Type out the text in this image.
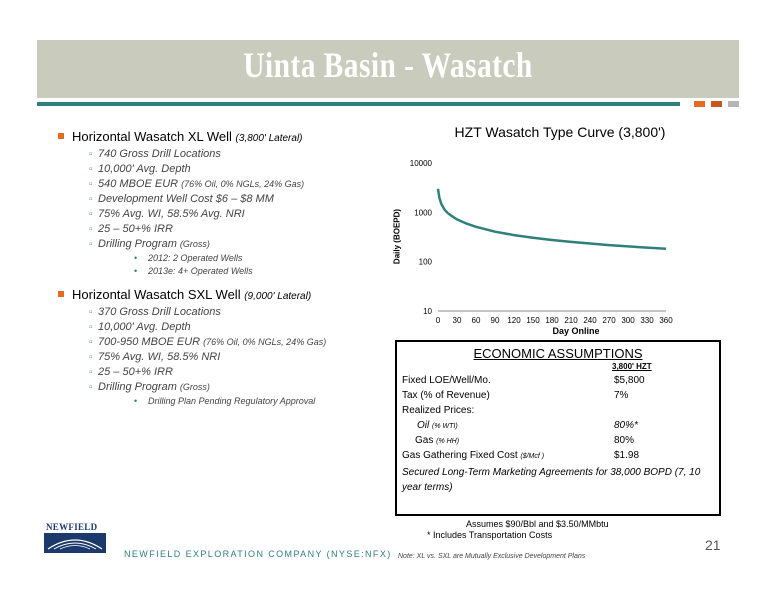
Uinta Basin - Wasatch
Horizontal Wasatch XL Well (3,800' Lateral)
▫ 740 Gross Drill Locations
▫ 10,000' Avg. Depth
▫ 540 MBOE EUR (76% Oil, 0% NGLs, 24% Gas)
▫ Development Well Cost $6 – $8 MM
▫ 75% Avg. WI, 58.5% Avg. NRI
▫ 25 – 50+% IRR
▫ Drilling Program (Gross)
• 2012: 2 Operated Wells
• 2013e: 4+ Operated Wells
Horizontal Wasatch SXL Well (9,000' Lateral)
▫ 370 Gross Drill Locations
▫ 10,000' Avg. Depth
▫ 700-950 MBOE EUR (76% Oil, 0% NGLs, 24% Gas)
▫ 75% Avg. WI, 58.5% NRI
▫ 25 – 50+% IRR
▫ Drilling Program (Gross)
• Drilling Plan Pending Regulatory Approval
HZT Wasatch Type Curve (3,800')
10
100
1000
10000
0 30 60 90 120 150 180 210 240 270 300 330 360
Daily (BOEPD)
Day Online
ECONOMIC ASSUMPTIONS
3,800' HZT
Fixed LOE/Well/Mo.	$5,800
Tax (% of Revenue)	7%
Realized Prices:
Oil (% WTI)	80%*
Gas (% HH)	80%
Gas Gathering Fixed Cost ($/Mcf )	$1.98
Secured Long-Term Marketing Agreements for 38,000 BOPD (7, 10 year terms)
Assumes $90/Bbl and $3.50/MMbtu
* Includes Transportation Costs
Note: XL vs. SXL are Mutually Exclusive Development Plans
21
NEWFIELD
NEWFIELD EXPLORATION COMPANY (NYSE:NFX)
